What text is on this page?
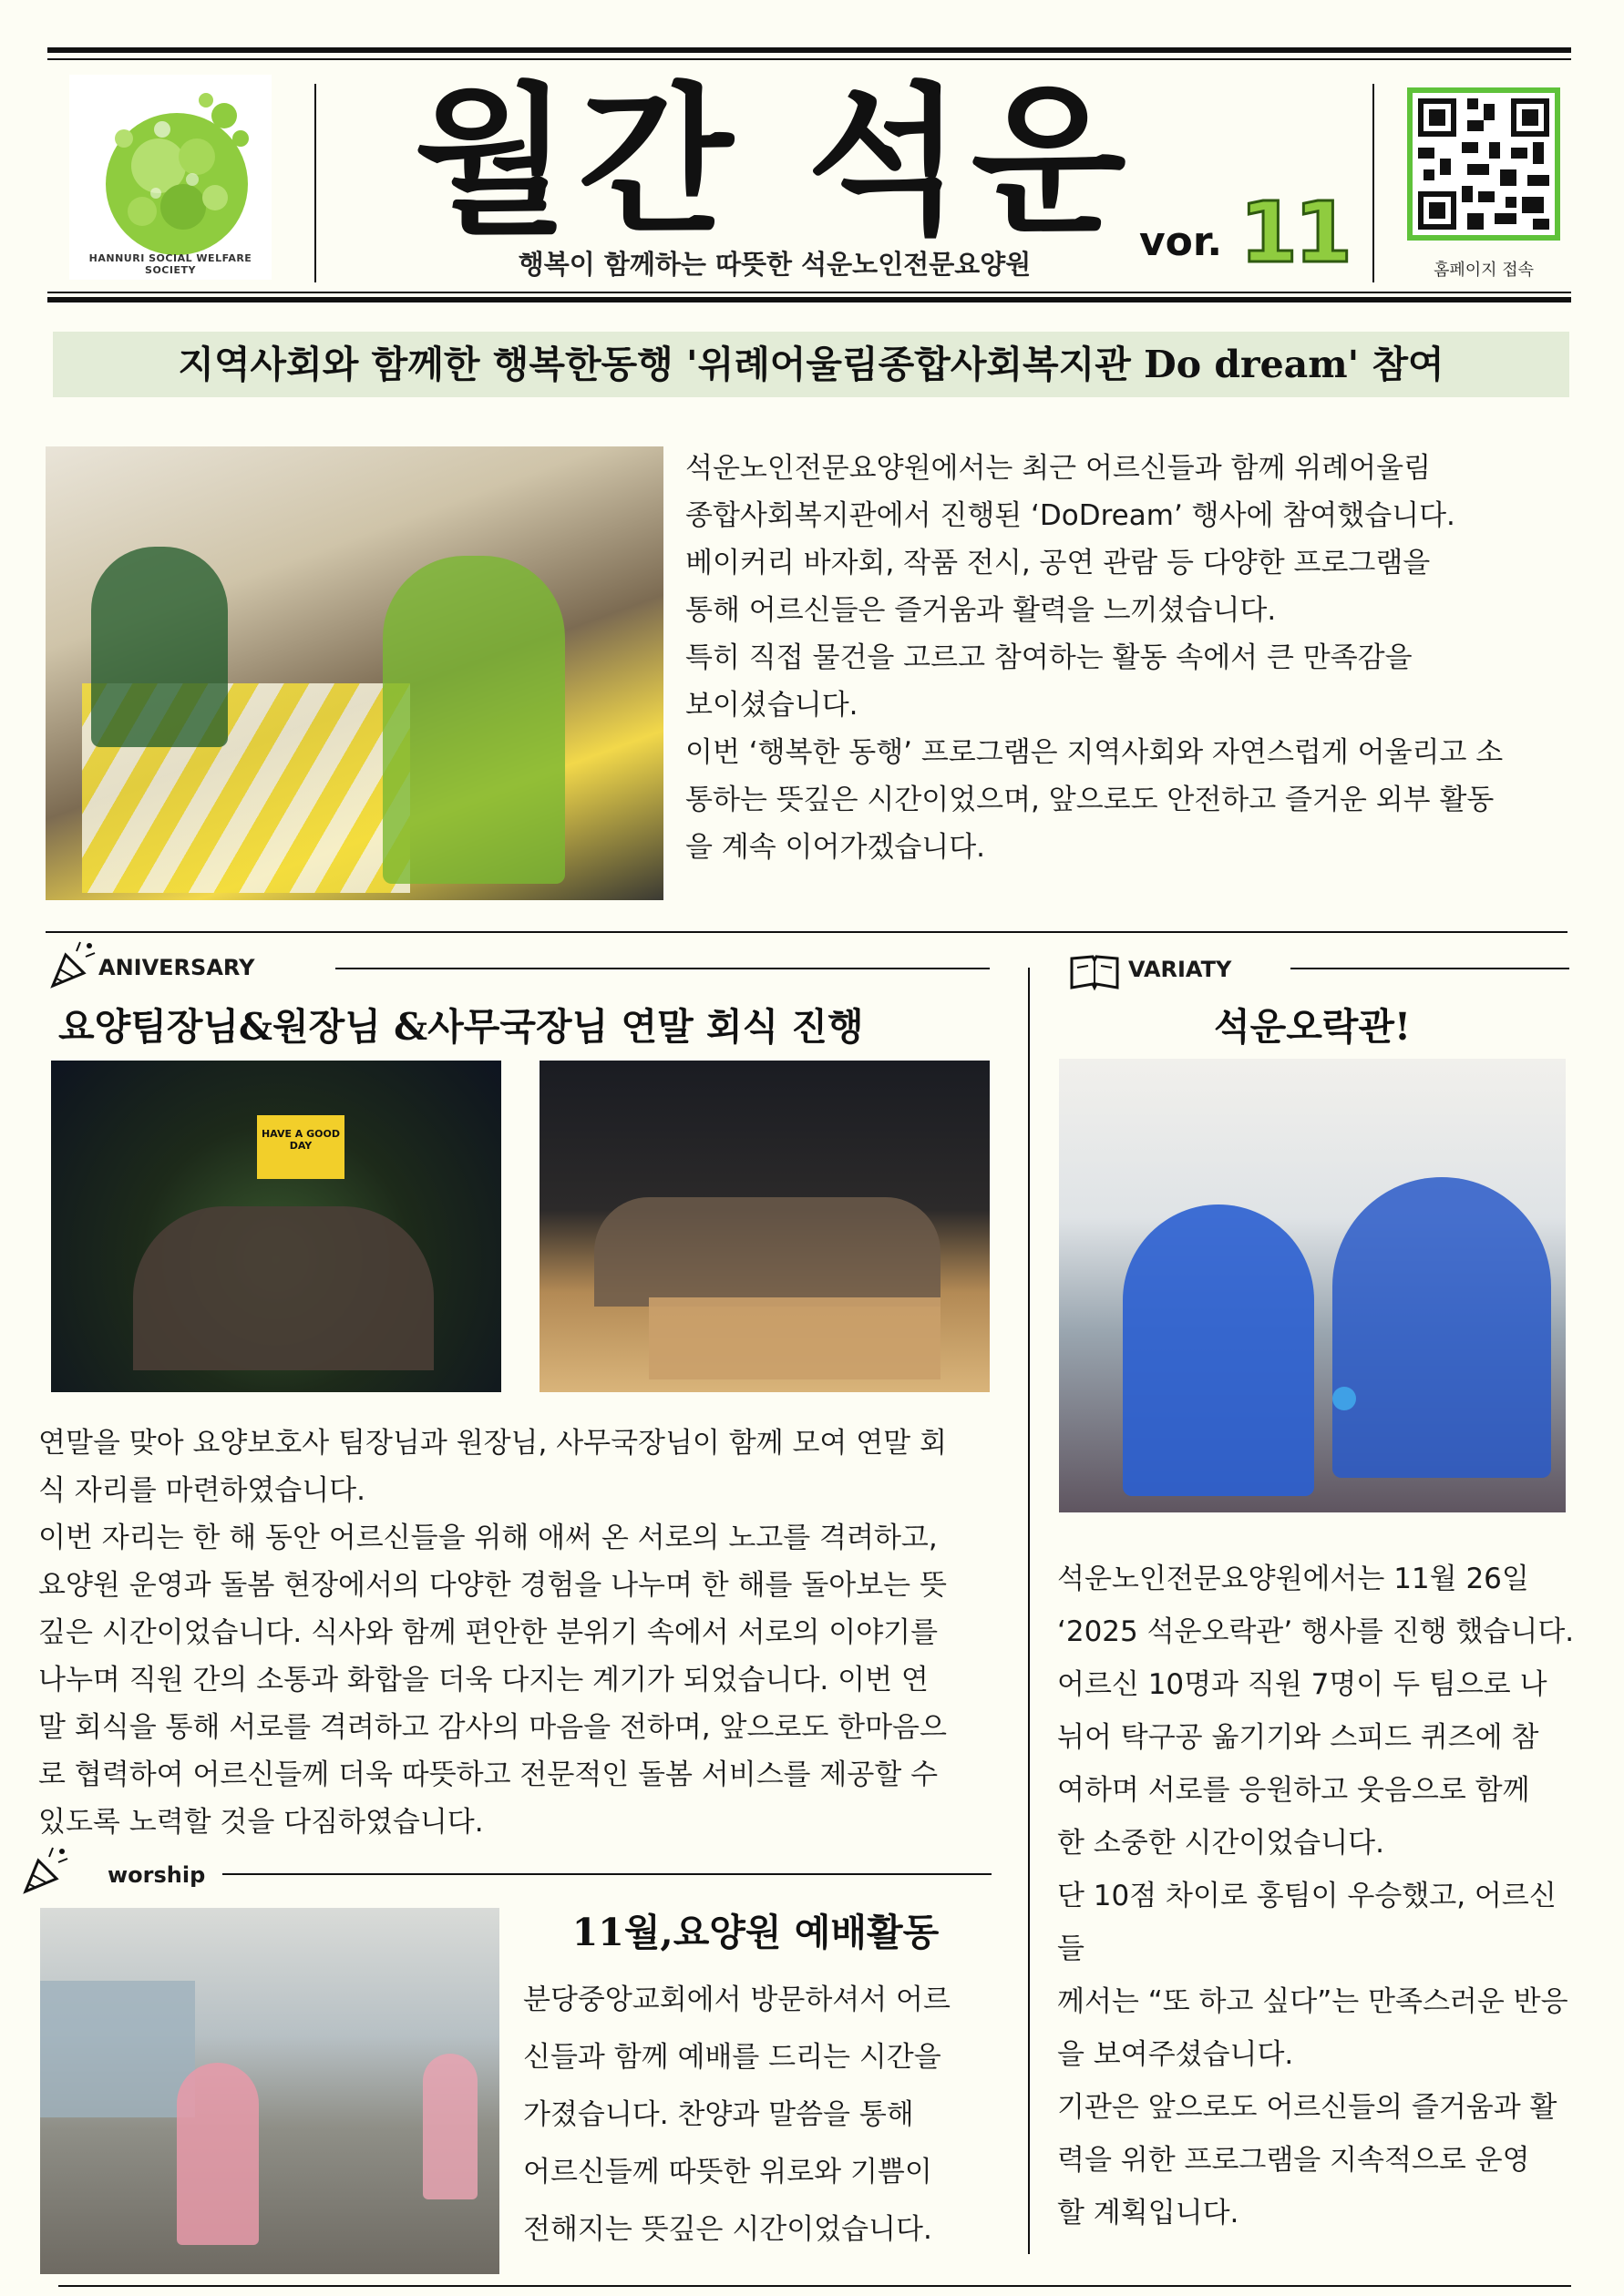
HANNURI SOCIAL WELFARE SOCIETY
월간 석운
행복이 함께하는 따뜻한 석운노인전문요양원	vor. 11	홈페이지 접속
지역사회와 함께한 행복한동행 '위례어울림종합사회복지관 Do dream' 참여

석운노인전문요양원에서는 최근 어르신들과 함께 위례어울림

종합사회복지관에서 진행된 ‘DoDream’ 행사에 참여했습니다.

베이커리 바자회, 작품 전시, 공연 관람 등 다양한 프로그램을

통해 어르신들은 즐거움과 활력을 느끼셨습니다.

특히 직접 물건을 고르고 참여하는 활동 속에서 큰 만족감을

보이셨습니다.

이번 ‘행복한 동행’ 프로그램은 지역사회와 자연스럽게 어울리고 소

통하는 뜻깊은 시간이었으며, 앞으로도 안전하고 즐거운 외부 활동

을 계속 이어가겠습니다.

ANIVERSARY
요양팀장님&원장님 &사무국장님 연말 회식 진행
HAVE A GOOD DAY

연말을 맞아 요양보호사 팀장님과 원장님, 사무국장님이 함께 모여 연말 회

식 자리를 마련하였습니다.

이번 자리는 한 해 동안 어르신들을 위해 애써 온 서로의 노고를 격려하고,

요양원 운영과 돌봄 현장에서의 다양한 경험을 나누며 한 해를 돌아보는 뜻

깊은 시간이었습니다. 식사와 함께 편안한 분위기 속에서 서로의 이야기를

나누며 직원 간의 소통과 화합을 더욱 다지는 계기가 되었습니다. 이번 연

말 회식을 통해 서로를 격려하고 감사의 마음을 전하며, 앞으로도 한마음으

로 협력하여 어르신들께 더욱 따뜻하고 전문적인 돌봄 서비스를 제공할 수

있도록 노력할 것을 다짐하였습니다.

worship
11월,요양원 예배활동

분당중앙교회에서 방문하셔서 어르

신들과 함께 예배를 드리는 시간을

가졌습니다. 찬양과 말씀을 통해

어르신들께 따뜻한 위로와 기쁨이

전해지는 뜻깊은 시간이었습니다.

VARIATY
석운오락관!

석운노인전문요양원에서는 11월 26일

‘2025 석운오락관’ 행사를 진행 했습니다.

어르신 10명과 직원 7명이 두 팀으로 나

뉘어 탁구공 옮기기와 스피드 퀴즈에 참

여하며 서로를 응원하고 웃음으로 함께

한 소중한 시간이었습니다.

단 10점 차이로 홍팀이 우승했고, 어르신들

께서는 “또 하고 싶다”는 만족스러운 반응

을 보여주셨습니다.

기관은 앞으로도 어르신들의 즐거움과 활

력을 위한 프로그램을 지속적으로 운영

할 계획입니다.
